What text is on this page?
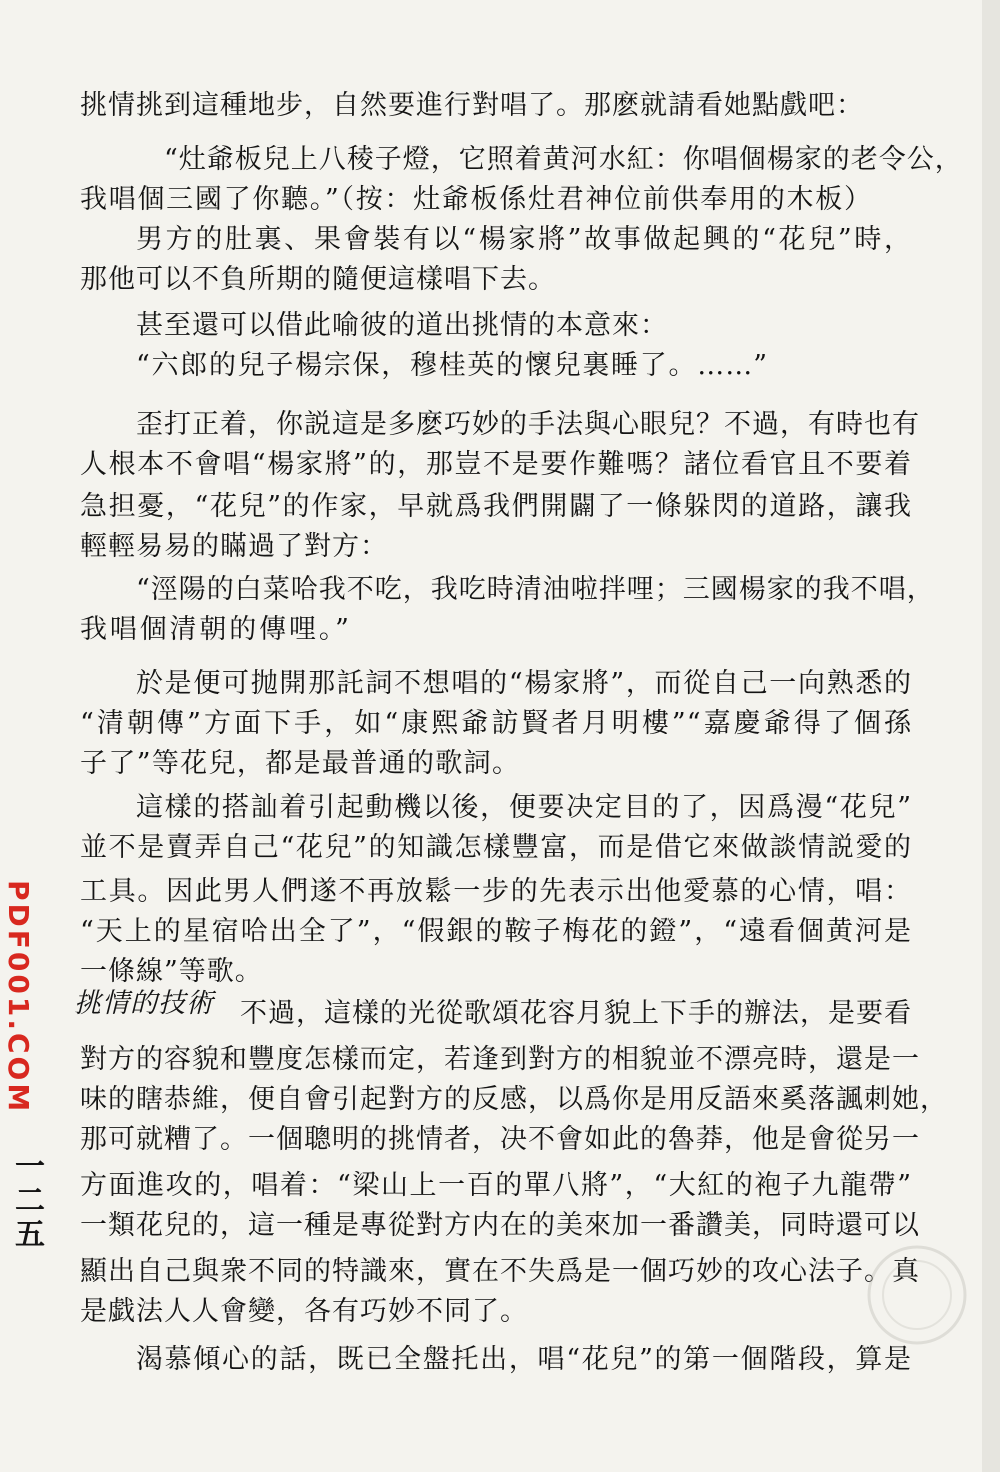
挑情挑到這種地步，自然要進行對唱了。那麽就請看她點戲吧：
“灶爺板兒上八稜子燈，它照着黄河水紅：你唱個楊家的老令公，
我唱個三國了你聽。”（按：灶爺板係灶君神位前供奉用的木板）
男方的肚裏、果會裝有以“楊家將”故事做起興的“花兒”時，
那他可以不負所期的隨便這樣唱下去。
甚至還可以借此喻彼的道出挑情的本意來：
“六郎的兒子楊宗保，穆桂英的懷兒裏睡了。……”
歪打正着，你説這是多麽巧妙的手法與心眼兒？不過，有時也有
人根本不會唱“楊家將”的，那豈不是要作難嗎？諸位看官且不要着
急担憂，“花兒”的作家，早就爲我們開闢了一條躲閃的道路，讓我
輕輕易易的瞞過了對方：
“涇陽的白菜哈我不吃，我吃時清油啦拌哩；三國楊家的我不唱，
我唱個清朝的傳哩。”
於是便可抛開那託詞不想唱的“楊家將”，而從自己一向熟悉的
“清朝傳”方面下手，如“康熙爺訪賢者月明樓”“嘉慶爺得了個孫
子了”等花兒，都是最普通的歌詞。
這樣的搭訕着引起動機以後，便要决定目的了，因爲漫“花兒”
並不是賣弄自己“花兒”的知識怎樣豐富，而是借它來做談情説愛的
工具。因此男人們遂不再放鬆一步的先表示出他愛慕的心情，唱：
“天上的星宿哈出全了”，“假銀的鞍子梅花的鐙”，“遠看個黄河是
一條線”等歌。
挑情的技術 不過，這樣的光從歌頌花容月貌上下手的辦法，是要看
對方的容貌和豐度怎樣而定，若逢到對方的相貌並不漂亮時，還是一
味的瞎恭維，便自會引起對方的反感，以爲你是用反語來奚落諷刺她，
那可就糟了。一個聰明的挑情者，决不會如此的魯莽，他是會從另一
方面進攻的，唱着：“梁山上一百的單八將”，“大紅的袍子九龍帶”
一類花兒的，這一種是專從對方内在的美來加一番讚美，同時還可以
顯出自己與衆不同的特識來，實在不失爲是一個巧妙的攻心法子。真
是戯法人人會變，各有巧妙不同了。
渴慕傾心的話，既已全盤托出，唱“花兒”的第一個階段，算是
PDF001.COM
一二五
